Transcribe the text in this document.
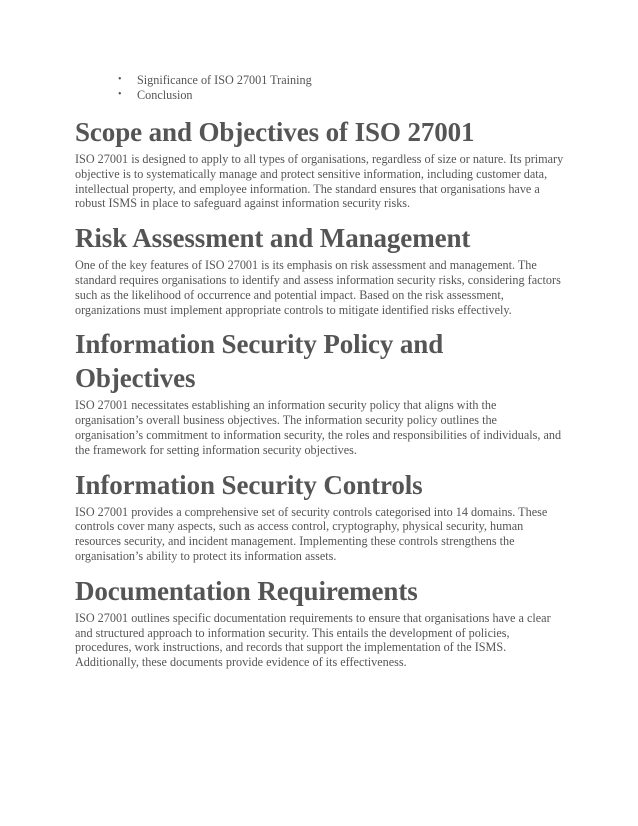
• Significance of ISO 27001 Training
• Conclusion
Scope and Objectives of ISO 27001

ISO 27001 is designed to apply to all types of organisations, regardless of size or nature. Its primary objective is to systematically manage and protect sensitive information, including customer data, intellectual property, and employee information. The standard ensures that organisations have a robust ISMS in place to safeguard against information security risks.

Risk Assessment and Management

One of the key features of ISO 27001 is its emphasis on risk assessment and management. The standard requires organisations to identify and assess information security risks, considering factors such as the likelihood of occurrence and potential impact. Based on the risk assessment, organizations must implement appropriate controls to mitigate identified risks effectively.

Information Security Policy and Objectives

ISO 27001 necessitates establishing an information security policy that aligns with the organisation’s overall business objectives. The information security policy outlines the organisation’s commitment to information security, the roles and responsibilities of individuals, and the framework for setting information security objectives.

Information Security Controls

ISO 27001 provides a comprehensive set of security controls categorised into 14 domains. These controls cover many aspects, such as access control, cryptography, physical security, human resources security, and incident management. Implementing these controls strengthens the organisation’s ability to protect its information assets.

Documentation Requirements

ISO 27001 outlines specific documentation requirements to ensure that organisations have a clear and structured approach to information security. This entails the development of policies, procedures, work instructions, and records that support the implementation of the ISMS. Additionally, these documents provide evidence of its effectiveness.
